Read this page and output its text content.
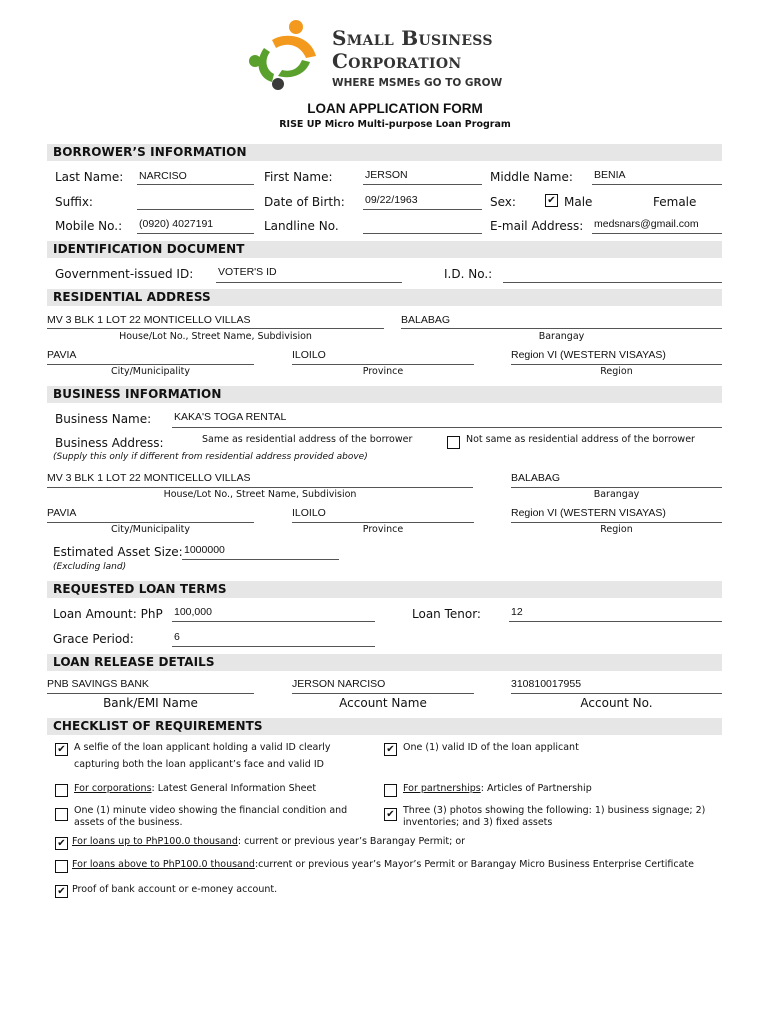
Small Business
Corporation
WHERE MSMEs GO TO GROW
LOAN APPLICATION FORM
RISE UP Micro Multi-purpose Loan Program
BORROWER’S INFORMATION
Last Name: NARCISO	First Name:	JERSON	Middle Name: BENIA
Suffix:	Date of Birth: 09/22/1963	Sex:	✔ Male	Female
Mobile No.: (0920) 4027191	Landline No.	E-mail Address: medsnars@gmail.com
IDENTIFICATION DOCUMENT
Government-issued ID: VOTER'S ID	I.D. No.:
RESIDENTIAL ADDRESS
MV 3 BLK 1 LOT 22 MONTICELLO VILLAS
House/Lot No., Street Name, Subdivision
BALABAG
Barangay
PAVIA
City/Municipality
ILOILO
Province
Region VI (WESTERN VISAYAS)
Region
BUSINESS INFORMATION
Business Name: KAKA'S TOGA RENTAL
Business Address:	Same as residential address of the borrower	Not same as residential address of the borrower
(Supply this only if different from residential address provided above)
MV 3 BLK 1 LOT 22 MONTICELLO VILLAS
House/Lot No., Street Name, Subdivision
BALABAG
Barangay
PAVIA
City/Municipality
ILOILO
Province
Region VI (WESTERN VISAYAS)
Region
Estimated Asset Size: 1000000
(Excluding land)
REQUESTED LOAN TERMS
Loan Amount: PhP 100,000	Loan Tenor:	12
Grace Period:	6
LOAN RELEASE DETAILS
PNB SAVINGS BANK
Bank/EMI Name
JERSON NARCISO
Account Name
310810017955
Account No.
CHECKLIST OF REQUIREMENTS
✔ A selfie of the loan applicant holding a valid ID clearly
capturing both the loan applicant’s face and valid ID
✔ One (1) valid ID of the loan applicant
For corporations: Latest General Information Sheet	For partnerships: Articles of Partnership
One (1) minute video showing the financial condition and
assets of the business.
✔ Three (3) photos showing the following: 1) business signage; 2)
inventories; and 3) fixed assets
✔ For loans up to PhP100.0 thousand: current or previous year’s Barangay Permit; or
For loans above to PhP100.0 thousand:current or previous year’s Mayor’s Permit or Barangay Micro Business Enterprise Certificate
✔ Proof of bank account or e-money account.
